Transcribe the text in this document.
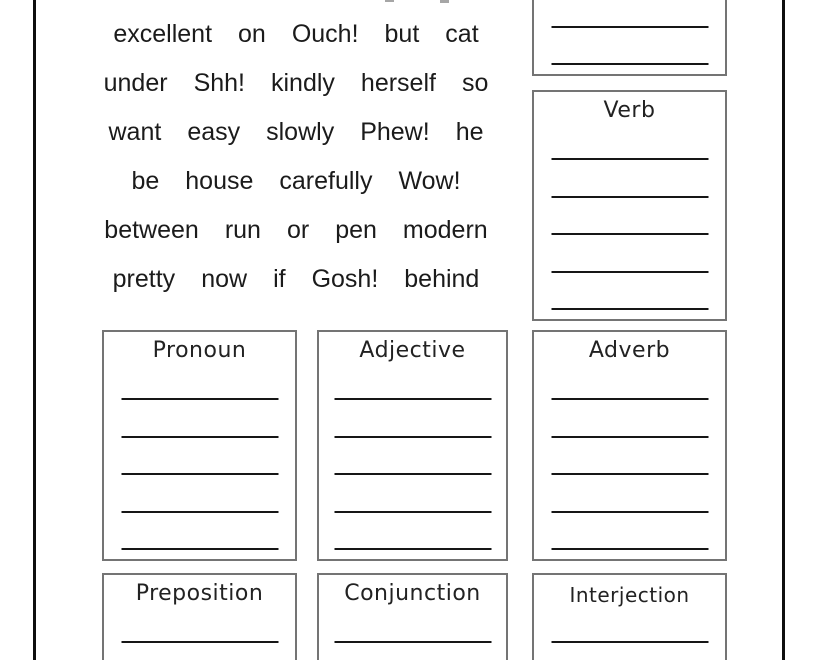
excellent on Ouch! but cat
under Shh! kindly herself so
want easy slowly Phew! he
be house carefully Wow!
between run or pen modern
pretty now if Gosh! behind
Verb
Pronoun	Adjective	Adverb
Preposition	Conjunction	Interjection
